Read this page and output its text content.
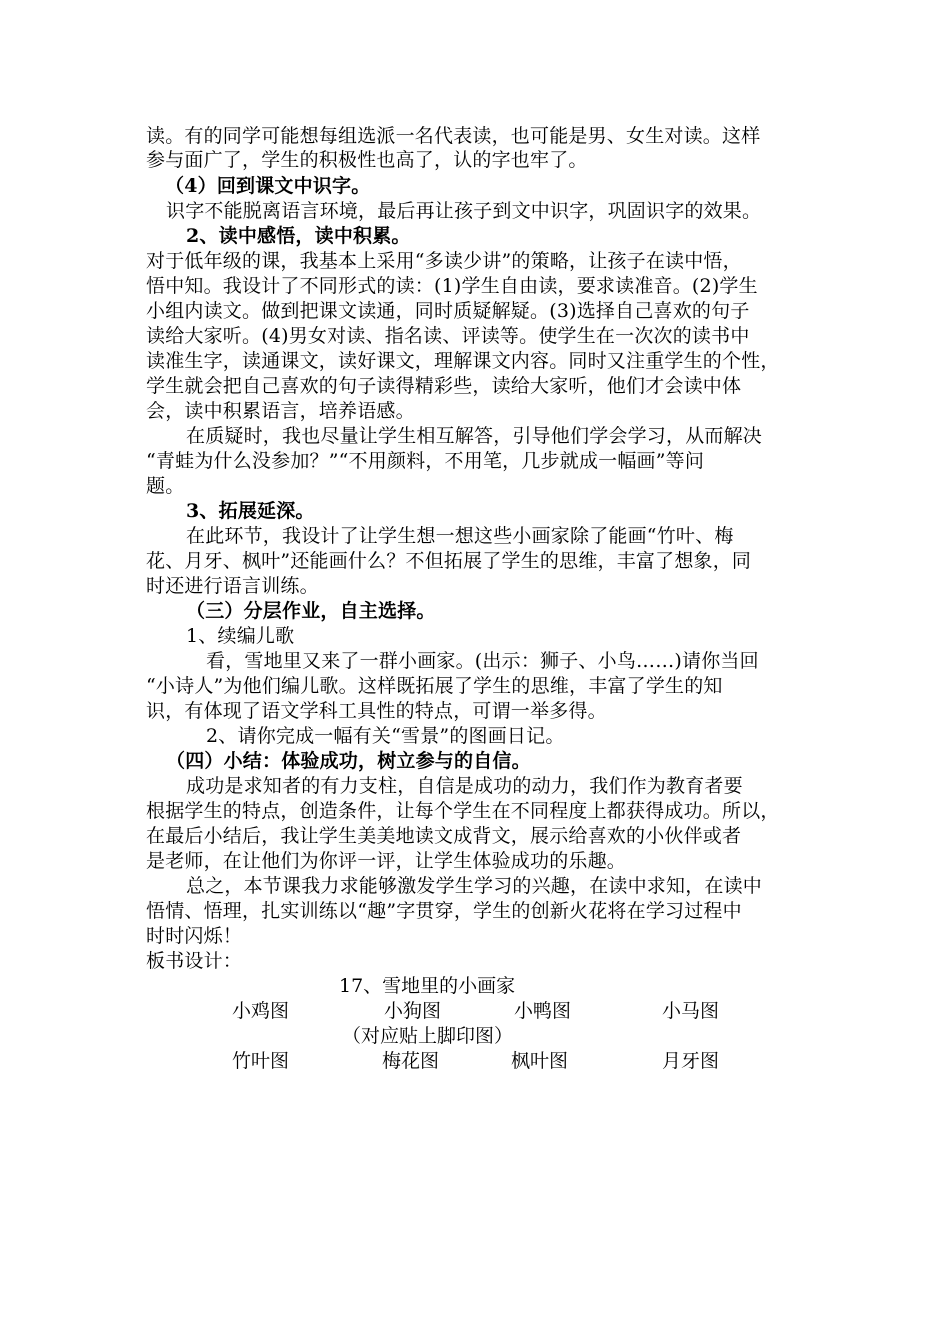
读。有的同学可能想每组选派一名代表读，也可能是男、女生对读。这样
参与面广了，学生的积极性也高了，认的字也牢了。
（4）回到课文中识字。
识字不能脱离语言环境，最后再让孩子到文中识字，巩固识字的效果。
2、读中感悟，读中积累。
对于低年级的课，我基本上采用“多读少讲”的策略，让孩子在读中悟，
悟中知。我设计了不同形式的读：(1)学生自由读，要求读准音。(2)学生
小组内读文。做到把课文读通，同时质疑解疑。(3)选择自己喜欢的句子
读给大家听。(4)男女对读、指名读、评读等。使学生在一次次的读书中
读准生字，读通课文，读好课文，理解课文内容。同时又注重学生的个性，
学生就会把自己喜欢的句子读得精彩些，读给大家听，他们才会读中体
会，读中积累语言，培养语感。
在质疑时，我也尽量让学生相互解答，引导他们学会学习，从而解决
“青蛙为什么没参加？”“不用颜料，不用笔，几步就成一幅画”等问
题。
3、拓展延深。
在此环节，我设计了让学生想一想这些小画家除了能画“竹叶、梅
花、月牙、枫叶”还能画什么？不但拓展了学生的思维，丰富了想象，同
时还进行语言训练。
（三）分层作业，自主选择。
1、续编儿歌
看，雪地里又来了一群小画家。(出示：狮子、小鸟……)请你当回
“小诗人”为他们编儿歌。这样既拓展了学生的思维，丰富了学生的知
识，有体现了语文学科工具性的特点，可谓一举多得。
2、请你完成一幅有关“雪景”的图画日记。
（四）小结：体验成功，树立参与的自信。
成功是求知者的有力支柱，自信是成功的动力，我们作为教育者要
根据学生的特点，创造条件，让每个学生在不同程度上都获得成功。所以，
在最后小结后，我让学生美美地读文成背文，展示给喜欢的小伙伴或者
是老师，在让他们为你评一评，让学生体验成功的乐趣。
总之，本节课我力求能够激发学生学习的兴趣，在读中求知，在读中
悟情、悟理，扎实训练以“趣”字贯穿，学生的创新火花将在学习过程中
时时闪烁！
板书设计：
17、雪地里的小画家
小鸡图	小狗图	小鸭图	小马图
（对应贴上脚印图）
竹叶图	梅花图	枫叶图	月牙图
